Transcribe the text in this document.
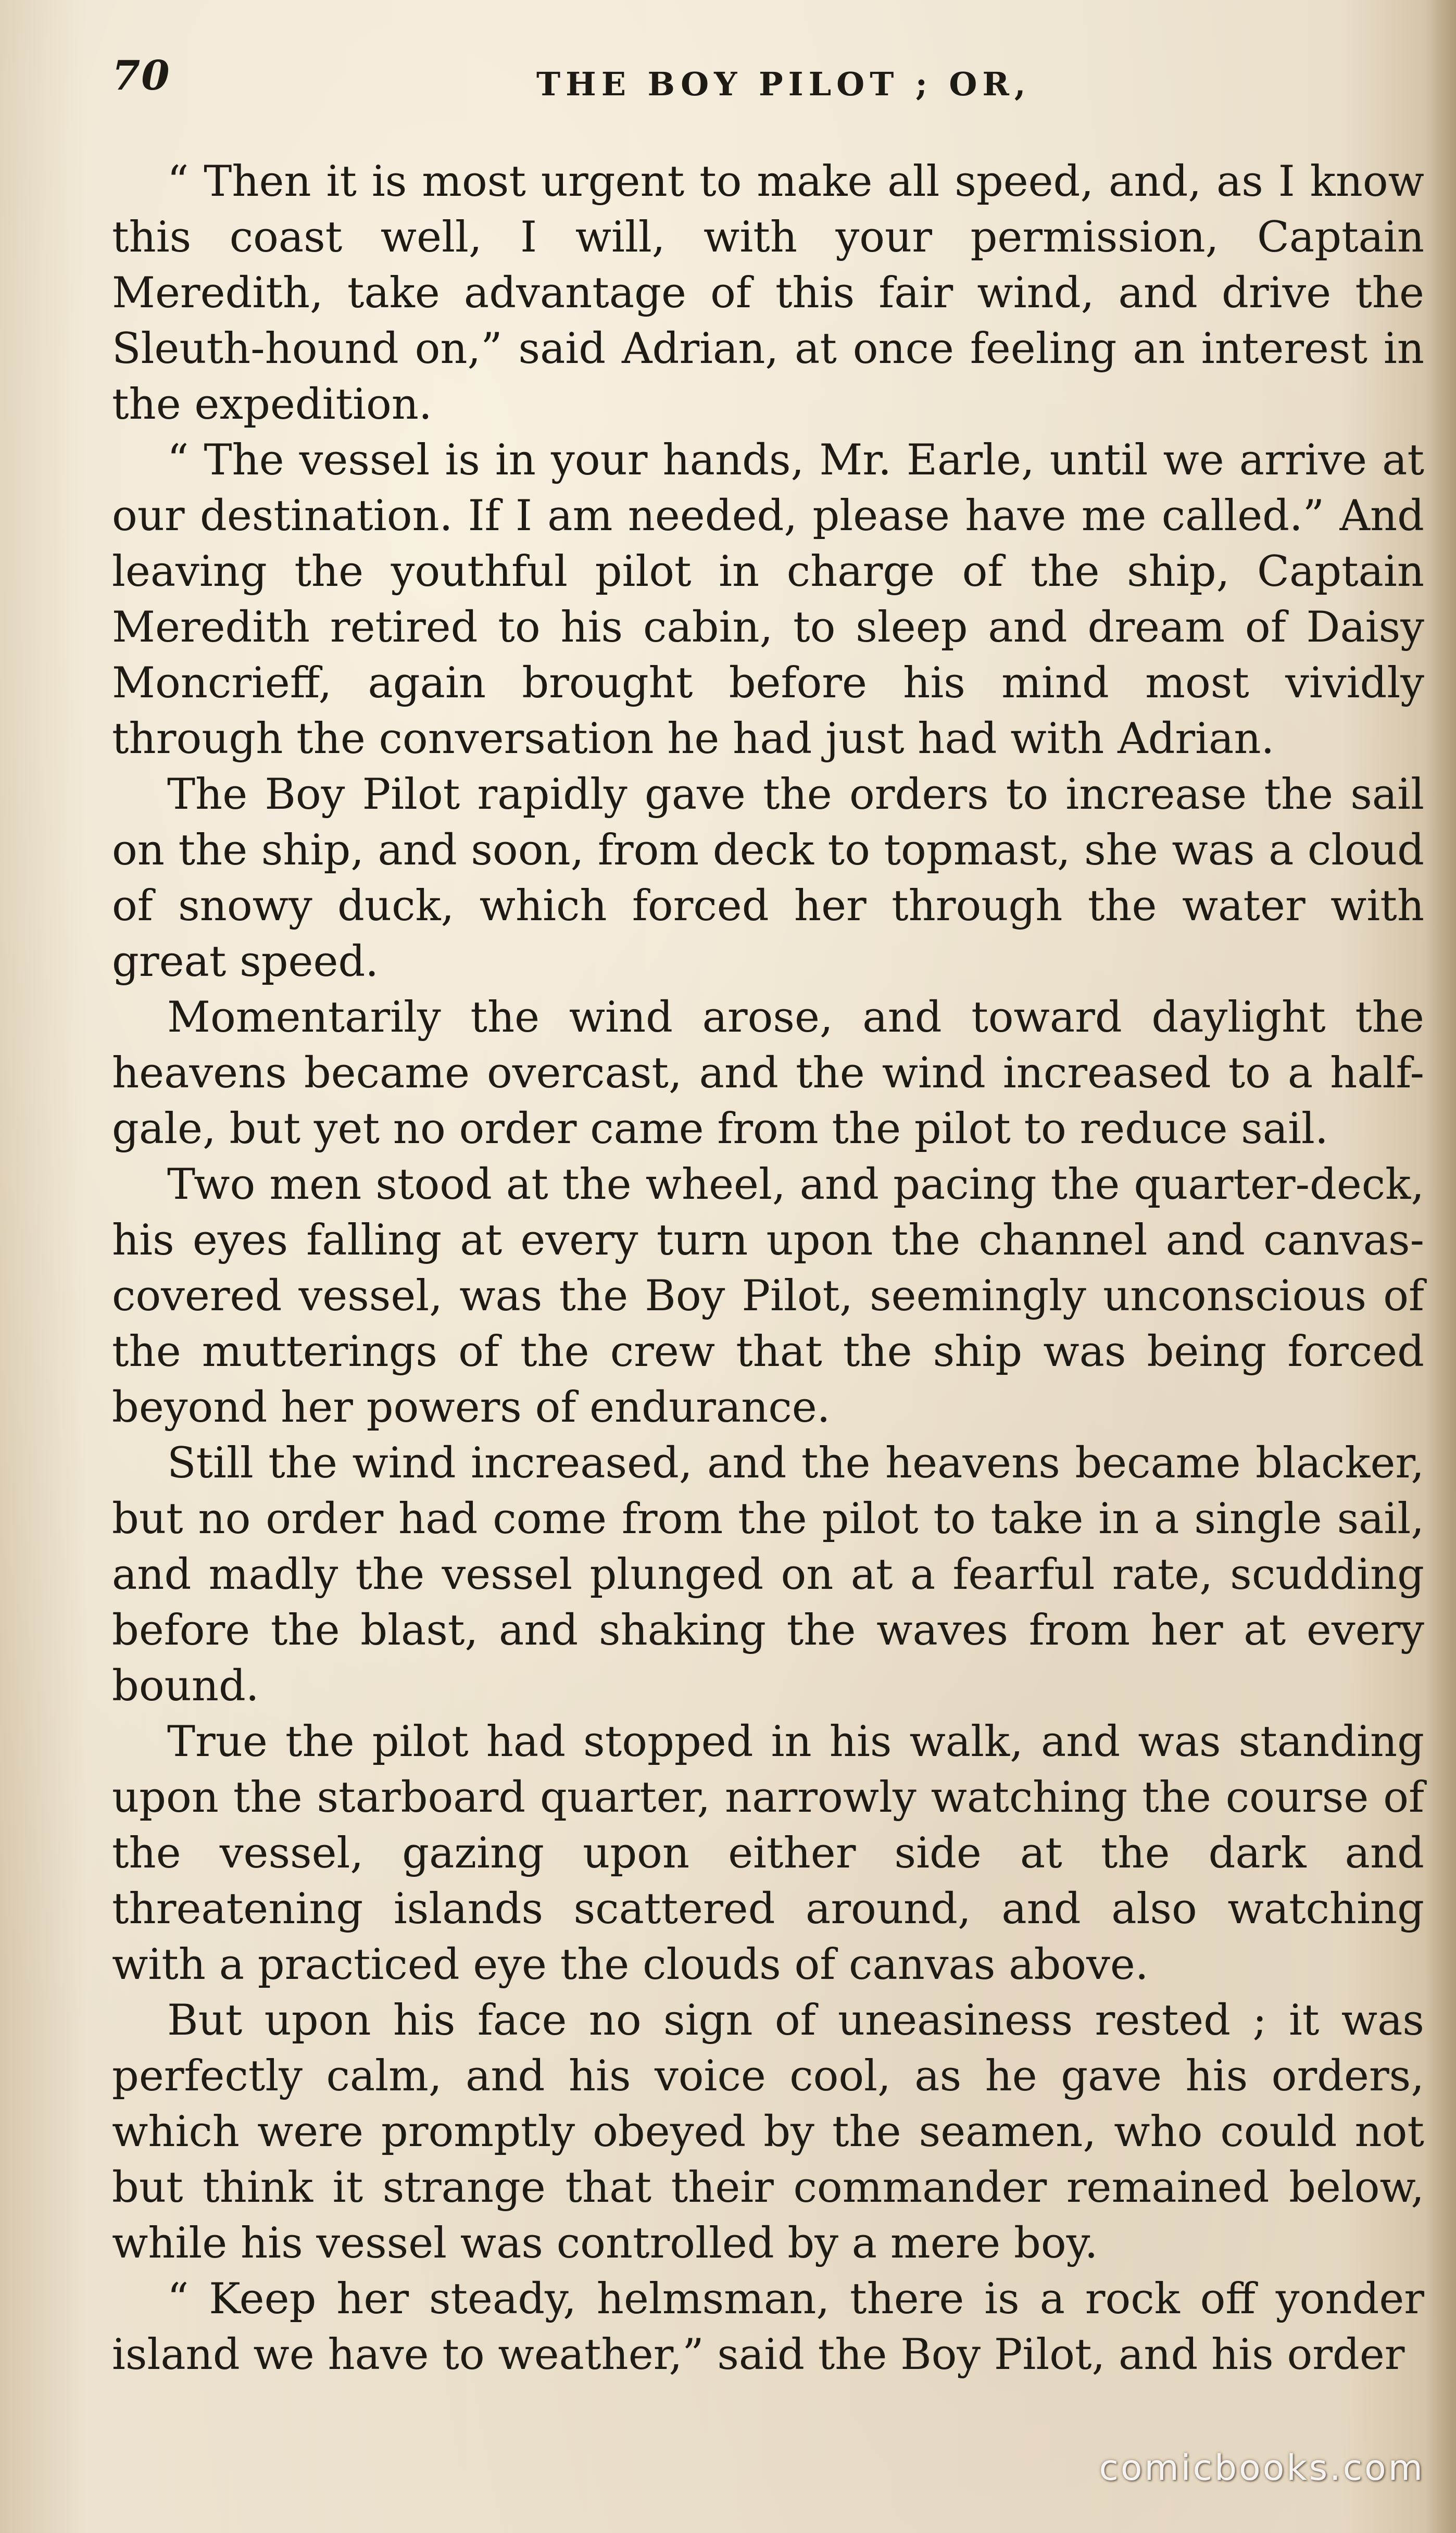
70	THE BOY PILOT ; OR,

“ Then it is most urgent to make all speed, and, as I know this coast well, I will, with your permission, Captain Meredith, take advantage of this fair wind, and drive the Sleuth-hound on,” said Adrian, at once feeling an interest in the expedition.

“ The vessel is in your hands, Mr. Earle, until we arrive at our destination. If I am needed, please have me called.” And leaving the youthful pilot in charge of the ship, Captain Meredith retired to his cabin, to sleep and dream of Daisy Moncrieff, again brought before his mind most vividly through the conversation he had just had with Adrian.

The Boy Pilot rapidly gave the orders to increase the sail on the ship, and soon, from deck to topmast, she was a cloud of snowy duck, which forced her through the water with great speed.

Momentarily the wind arose, and toward daylight the heavens became overcast, and the wind increased to a half-gale, but yet no order came from the pilot to reduce sail.

Two men stood at the wheel, and pacing the quarter-deck, his eyes falling at every turn upon the channel and canvas-covered vessel, was the Boy Pilot, seemingly unconscious of the mutterings of the crew that the ship was being forced beyond her powers of endurance.

Still the wind increased, and the heavens became blacker, but no order had come from the pilot to take in a single sail, and madly the vessel plunged on at a fearful rate, scudding before the blast, and shaking the waves from her at every bound.

True the pilot had stopped in his walk, and was standing upon the starboard quarter, narrowly watching the course of the vessel, gazing upon either side at the dark and threatening islands scattered around, and also watching with a practiced eye the clouds of canvas above.

But upon his face no sign of uneasiness rested ; it was perfectly calm, and his voice cool, as he gave his orders, which were promptly obeyed by the seamen, who could not but think it strange that their commander remained below, while his vessel was controlled by a mere boy.

“ Keep her steady, helmsman, there is a rock off yonder island we have to weather,” said the Boy Pilot, and his order

comicbooks.com
